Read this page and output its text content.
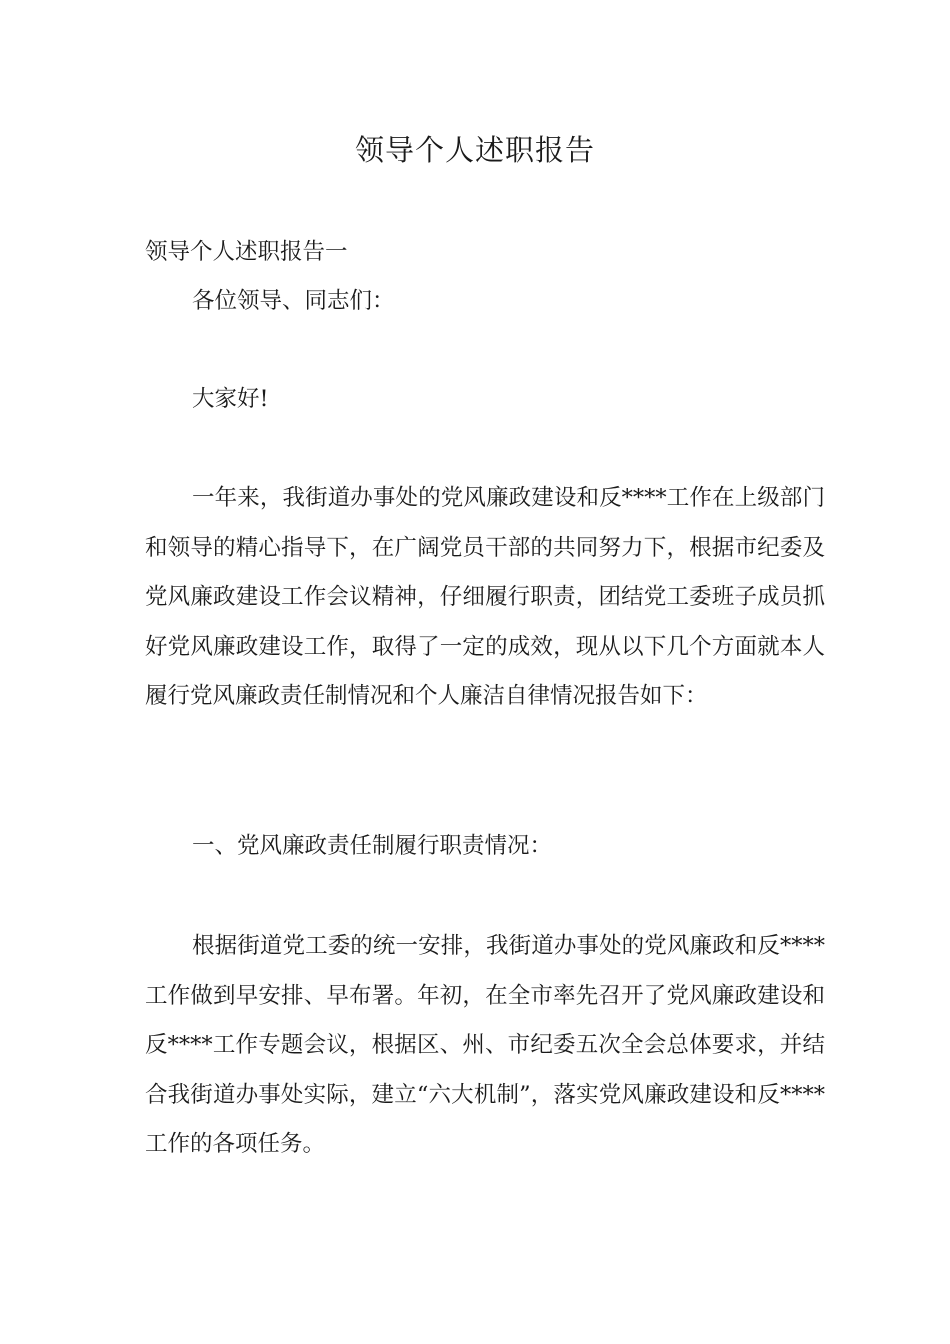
领导个人述职报告

领导个人述职报告一

各位领导、同志们：

大家好!

一年来，我街道办事处的党风廉政建设和反****工作在上级部门和领导的精心指导下，在广阔党员干部的共同努力下，根据市纪委及党风廉政建设工作会议精神，仔细履行职责，团结党工委班子成员抓好党风廉政建设工作，取得了一定的成效，现从以下几个方面就本人履行党风廉政责任制情况和个人廉洁自律情况报告如下：

一、党风廉政责任制履行职责情况：

根据街道党工委的统一安排，我街道办事处的党风廉政和反****工作做到早安排、早布署。年初，在全市率先召开了党风廉政建设和反****工作专题会议，根据区、州、市纪委五次全会总体要求，并结合我街道办事处实际，建立“六大机制”，落实党风廉政建设和反****工作的各项任务。
